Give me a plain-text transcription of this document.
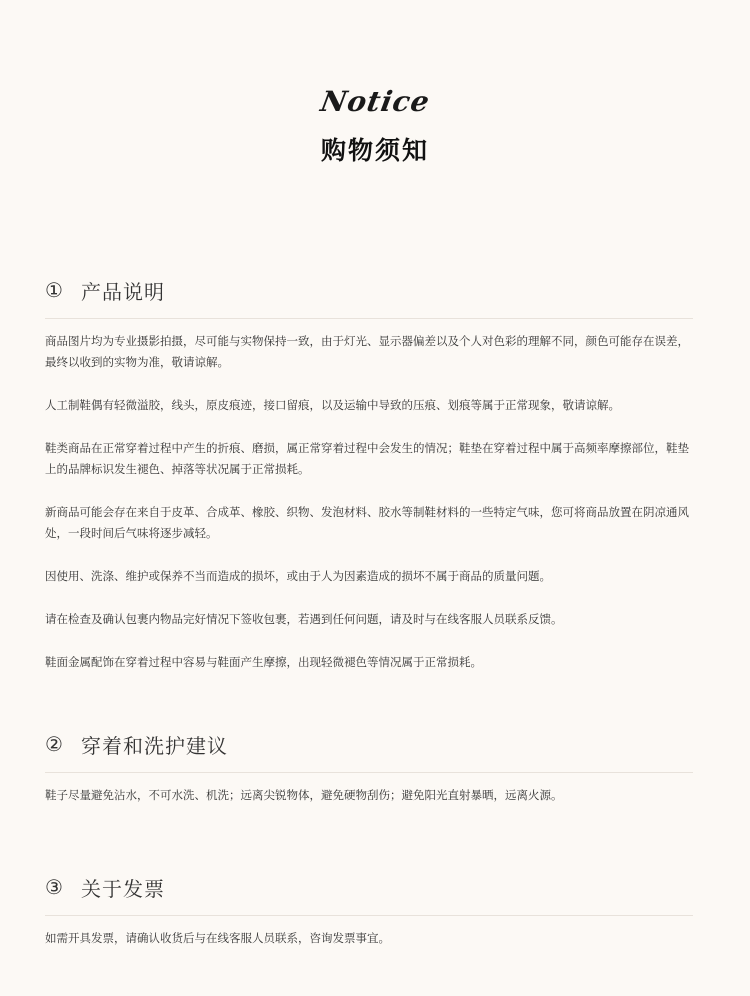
Notice
购物须知
① 产品说明

商品图片均为专业摄影拍摄，尽可能与实物保持一致，由于灯光、显示器偏差以及个人对色彩的理解不同，颜色可能存在误差，最终以收到的实物为准，敬请谅解。

人工制鞋偶有轻微溢胶，线头，原皮痕迹，接口留痕，以及运输中导致的压痕、划痕等属于正常现象，敬请谅解。

鞋类商品在正常穿着过程中产生的折痕、磨损，属正常穿着过程中会发生的情况；鞋垫在穿着过程中属于高频率摩擦部位，鞋垫上的品牌标识发生褪色、掉落等状况属于正常损耗。

新商品可能会存在来自于皮革、合成革、橡胶、织物、发泡材料、胶水等制鞋材料的一些特定气味，您可将商品放置在阴凉通风处，一段时间后气味将逐步减轻。

因使用、洗涤、维护或保养不当而造成的损坏，或由于人为因素造成的损坏不属于商品的质量问题。

请在检查及确认包裹内物品完好情况下签收包裹，若遇到任何问题，请及时与在线客服人员联系反馈。

鞋面金属配饰在穿着过程中容易与鞋面产生摩擦，出现轻微褪色等情况属于正常损耗。

② 穿着和洗护建议

鞋子尽量避免沾水，不可水洗、机洗；远离尖锐物体，避免硬物刮伤；避免阳光直射暴晒，远离火源。

③ 关于发票

如需开具发票，请确认收货后与在线客服人员联系，咨询发票事宜。
